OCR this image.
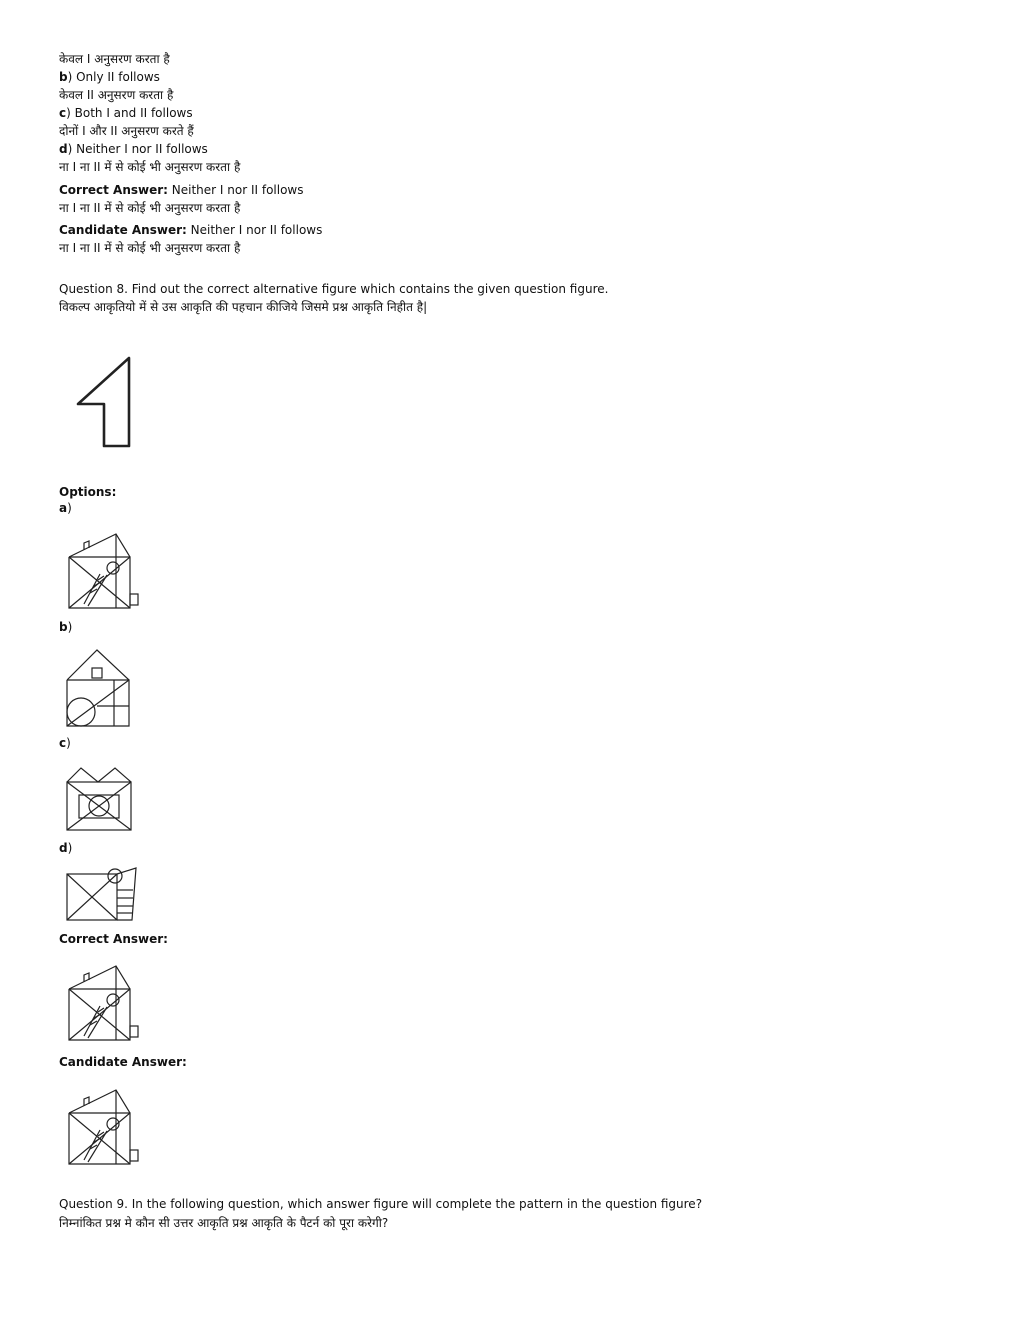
केवल I अनुसरण करता है
b) Only II follows
केवल II अनुसरण करता है
c) Both I and II follows
दोनों I और II अनुसरण करते हैं
d) Neither I nor II follows
ना I ना II में से कोई भी अनुसरण करता है
Correct Answer: Neither I nor II follows
ना I ना II में से कोई भी अनुसरण करता है
Candidate Answer: Neither I nor II follows
ना I ना II में से कोई भी अनुसरण करता है
Question 8. Find out the correct alternative figure which contains the given question figure.
विकल्प आकृतियो में से उस आकृति की पहचान कीजिये जिसमे प्रश्न आकृति निहीत है|
Options:
a)
b)
c)
d)
Correct Answer:
Candidate Answer:
Question 9. In the following question, which answer figure will complete the pattern in the question figure?
निम्नांकित प्रश्न मे कौन सी उत्तर आकृति प्रश्न आकृति के पैटर्न को पूरा करेगी?
